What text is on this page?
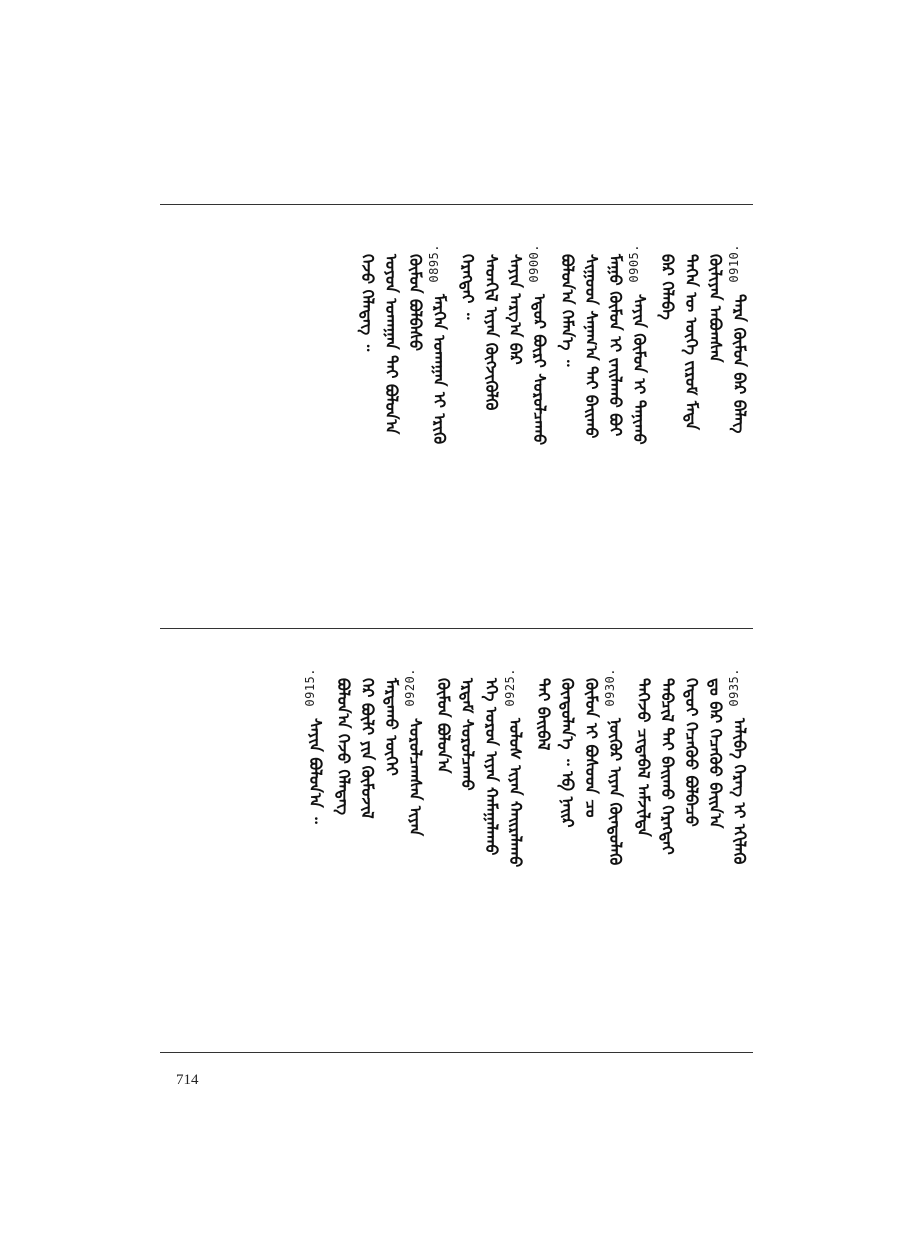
0910.
ᠲᠡᠷᠡ ᠬᠦᠮᠦᠨ ᠪᠡᠷ ᠪᠡᠯᠡᠭ
ᠬᠦᠯᠢᠶᠡᠨ ᠠᠪᠤᠭᠰᠠᠨ
ᠲᠡᠭᠡᠨ ᠦ ᠦᠭᠡ ᠵᠢᠷᠤᠮ ᠮᠡᠳᠡ
ᠪᠡᠷ ᠬᠡᠯᠡᠪᠡ
0905.
ᠰᠠᠶᠢᠨ ᠬᠦᠮᠦᠨ ᠢ ᠲᠠᠨᠢᠬᠤ
ᠮᠠᠭᠤ ᠬᠦᠮᠦᠨ ᠢ ᠵᠠᠢᠯᠠᠬᠤ ᠪᠤᠢ
ᠰᠢᠭᠤᠳ ᠰᠠᠨᠠᠭ᠎ᠠ ᠲᠠᠢ ᠪᠠᠢᠬᠤ
ᠪᠣᠯᠣᠨ᠎ᠠ ᠬᠡᠮᠡᠨ᠎ᠡ ᠃
0900.
ᠡᠳᠦᠷ ᠪᠦᠷᠢ ᠰᠤᠷᠤᠯᠴᠠᠬᠤ
ᠰᠠᠶᠢᠨ ᠠᠷᠭ᠎ᠠ ᠪᠠᠷ
ᠰᠡᠳᠬᠢᠯ ᠢᠶᠠᠨ ᠬᠥᠭᠵᠢᠭᠦᠯᠬᠦ
ᠬᠡᠷᠡᠭᠲᠡᠢ ᠃
0895.
ᠮᠡᠷᠭᠡᠨ ᠤᠬᠠᠭᠠᠨ ᠢ ᠡᠷᠢᠬᠦ
ᠬᠦᠮᠦᠨ ᠪᠣᠯᠪᠠᠰᠤ
ᠤᠶᠤᠨ ᠤᠬᠠᠭᠠᠨ ᠲᠠᠢ ᠪᠣᠯᠤᠨ᠎ᠠ
ᠭᠡᠵᠦ ᠬᠡᠯᠡᠳᠡᠭ ᠃
0935.
ᠠᠯᠢᠪᠠ ᠬᠡᠷᠡᠭ ᠢ ᠡᠬᠢᠯᠡᠬᠦ
ᠳᠤ ᠪᠡᠷ ᠬᠡᠴᠡᠭᠦᠦ ᠪᠠᠢᠨ᠎ᠠ
ᠬᠡᠳᠦᠢ ᠬᠡᠴᠡᠭᠦᠦ ᠪᠣᠯᠪᠠᠴᠤ
ᠲᠡᠪᠴᠢᠯ ᠲᠡᠢ ᠪᠠᠢᠬᠤ ᠬᠡᠷᠡᠭᠲᠡᠢ
ᠲᠡᠭᠡᠵᠦ ᠴᠢᠳᠠᠪᠠᠯ ᠠᠮᠵᠢᠯᠲᠠ
0930.
ᠨᠥᠬᠥᠷ ᠢᠶᠡᠨ ᠬᠦᠨᠳᠦᠯᠡᠬᠦ
ᠬᠦᠮᠦᠨ ᠢ ᠪᠤᠰᠤᠳ ᠴᠤ
ᠬᠦᠨᠳᠦᠯᠡᠨ᠎ᠡ ᠃ ᠡᠪ ᠨᠠᠢᠷ
ᠲᠠᠢ ᠪᠠᠢᠪᠠᠯ
0925.
ᠤᠯᠤᠰ ᠢᠶᠡᠨ ᠬᠠᠢᠷᠠᠯᠠᠬᠤ
ᠡᠬᠡ ᠣᠷᠣᠨ ᠢᠶᠡᠨ ᠬᠠᠮᠠᠭᠠᠯᠠᠬᠤ
ᠡᠷᠳᠡᠮ ᠰᠤᠷᠤᠯᠴᠠᠬᠤ
ᠬᠦᠮᠦᠨ ᠪᠣᠯᠣᠨ᠎ᠠ
0920.
ᠰᠤᠷᠤᠯᠴᠠᠭᠰᠠᠨ ᠢᠶᠡᠨ
ᠮᠠᠷᠲᠠᠬᠤ ᠦᠭᠡᠢ
ᠭᠡᠷ ᠪᠦᠯᠢ ᠶᠢᠨ ᠬᠦᠮᠦᠵᠢᠯ
ᠪᠣᠯᠣᠨ᠎ᠠ ᠭᠡᠵᠦ ᠬᠡᠯᠡᠳᠡᠭ
0915.
ᠰᠠᠶᠢᠨ ᠪᠣᠯᠤᠨ᠎ᠠ ᠃
714
